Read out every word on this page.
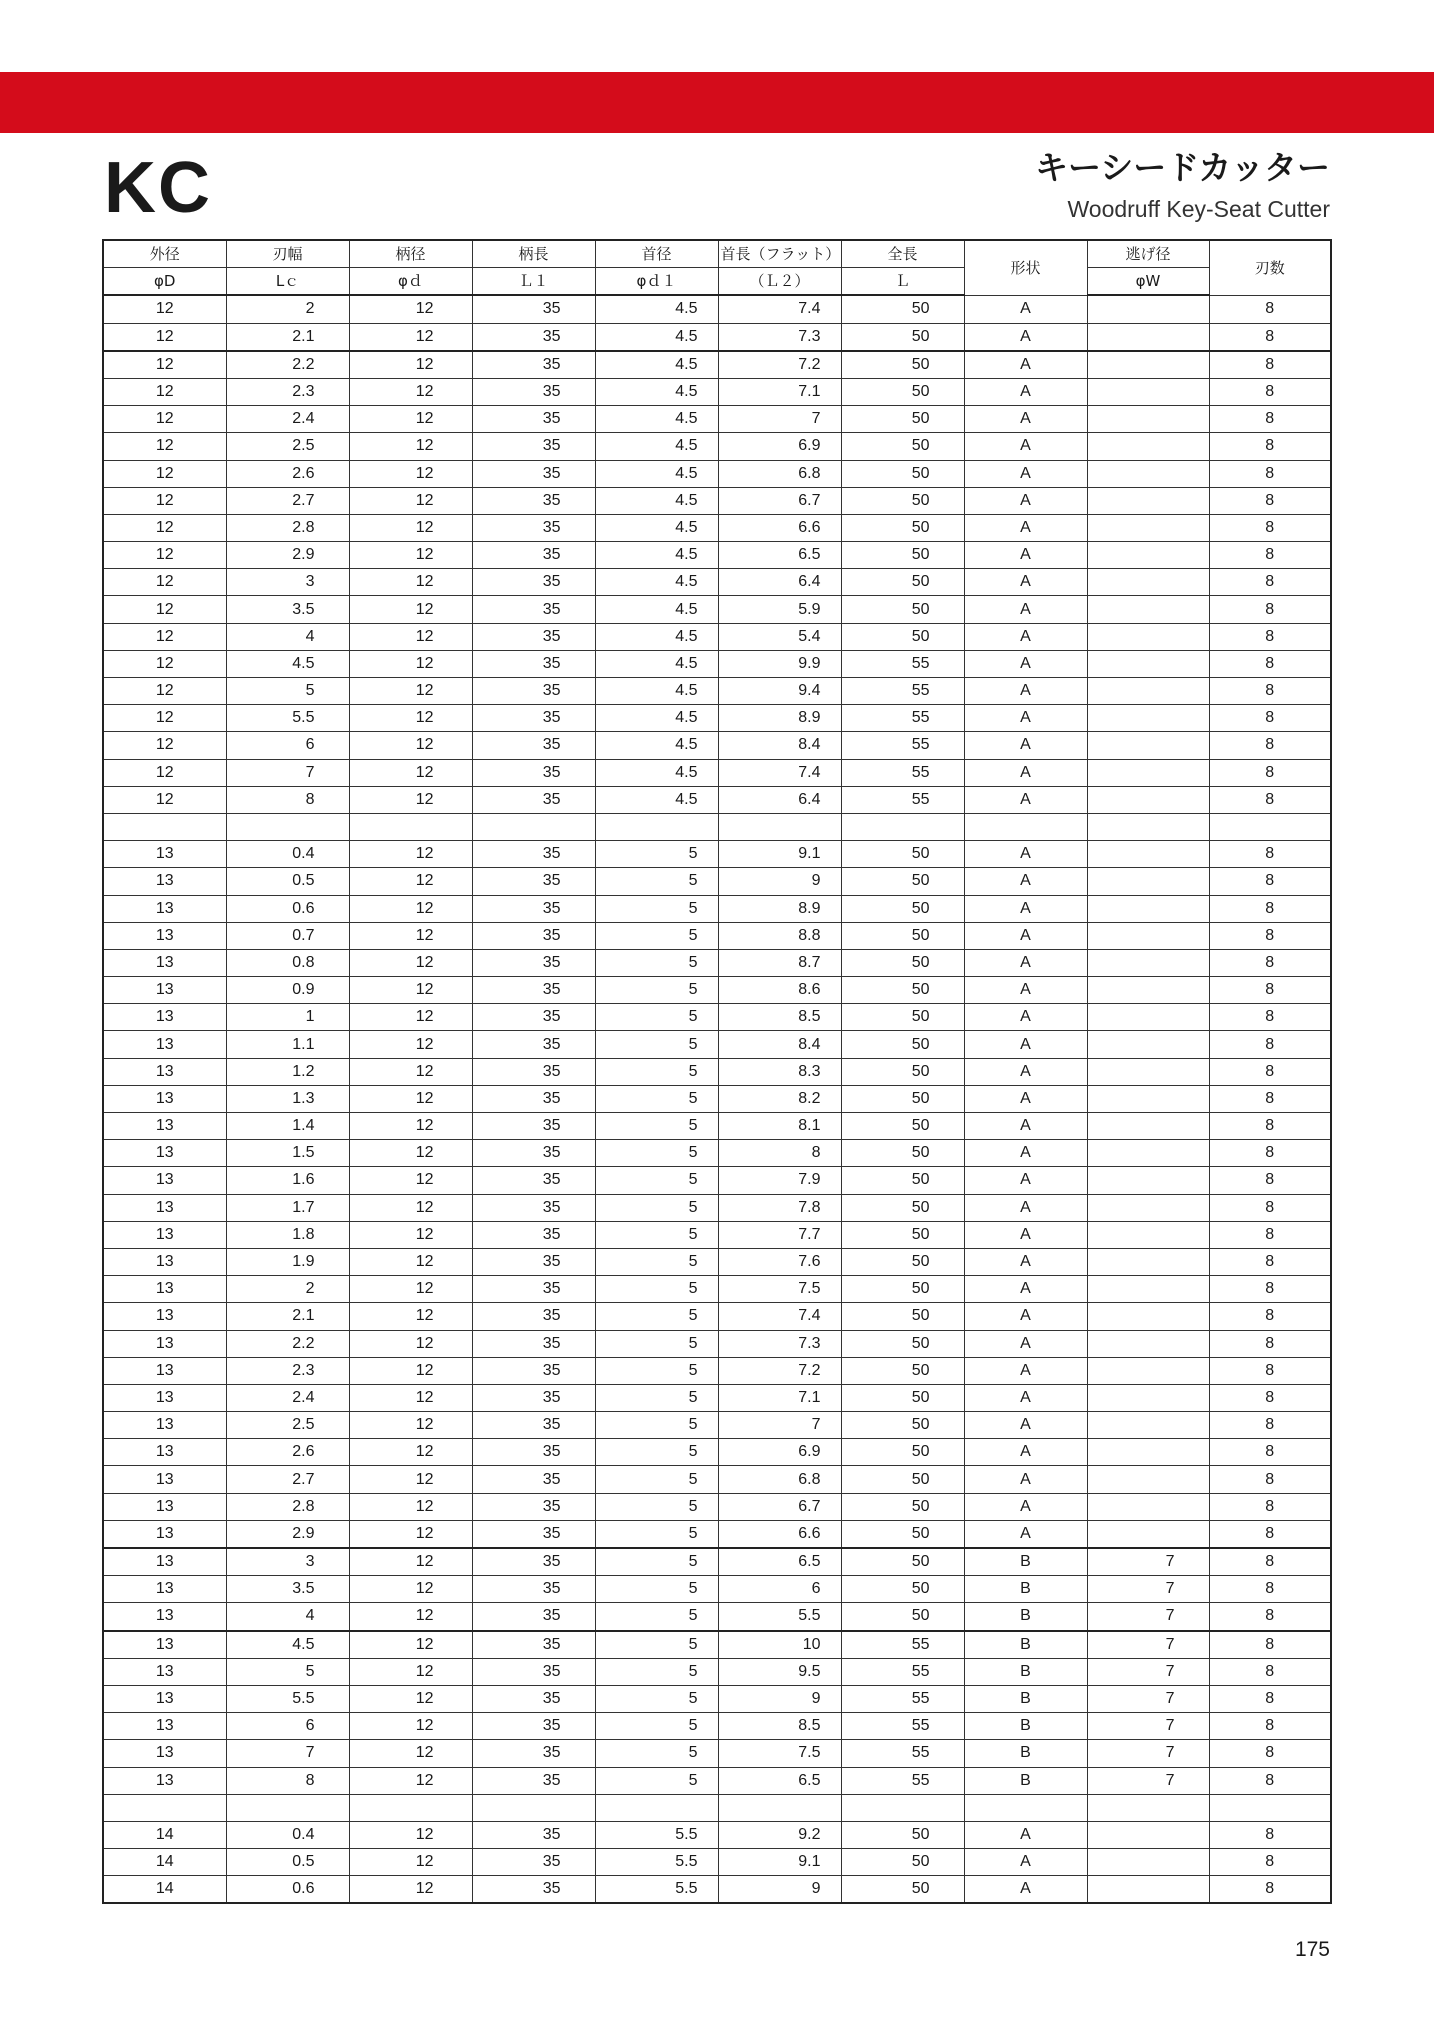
KC	キーシードカッター
Woodruff Key-Seat Cutter
外径	刃幅	柄径	柄長	首径	首長（フラット）	全長	形状	逃げ径	刃数
φD	Lｃ	φｄ	Ｌ１	φｄ１	（Ｌ２）	Ｌ		φW	
12	2	12	35	4.5	7.4	50	A		8
12	2.1	12	35	4.5	7.3	50	A		8
12	2.2	12	35	4.5	7.2	50	A		8
12	2.3	12	35	4.5	7.1	50	A		8
12	2.4	12	35	4.5	7	50	A		8
12	2.5	12	35	4.5	6.9	50	A		8
12	2.6	12	35	4.5	6.8	50	A		8
12	2.7	12	35	4.5	6.7	50	A		8
12	2.8	12	35	4.5	6.6	50	A		8
12	2.9	12	35	4.5	6.5	50	A		8
12	3	12	35	4.5	6.4	50	A		8
12	3.5	12	35	4.5	5.9	50	A		8
12	4	12	35	4.5	5.4	50	A		8
12	4.5	12	35	4.5	9.9	55	A		8
12	5	12	35	4.5	9.4	55	A		8
12	5.5	12	35	4.5	8.9	55	A		8
12	6	12	35	4.5	8.4	55	A		8
12	7	12	35	4.5	7.4	55	A		8
12	8	12	35	4.5	6.4	55	A		8

13	0.4	12	35	5	9.1	50	A		8
13	0.5	12	35	5	9	50	A		8
13	0.6	12	35	5	8.9	50	A		8
13	0.7	12	35	5	8.8	50	A		8
13	0.8	12	35	5	8.7	50	A		8
13	0.9	12	35	5	8.6	50	A		8
13	1	12	35	5	8.5	50	A		8
13	1.1	12	35	5	8.4	50	A		8
13	1.2	12	35	5	8.3	50	A		8
13	1.3	12	35	5	8.2	50	A		8
13	1.4	12	35	5	8.1	50	A		8
13	1.5	12	35	5	8	50	A		8
13	1.6	12	35	5	7.9	50	A		8
13	1.7	12	35	5	7.8	50	A		8
13	1.8	12	35	5	7.7	50	A		8
13	1.9	12	35	5	7.6	50	A		8
13	2	12	35	5	7.5	50	A		8
13	2.1	12	35	5	7.4	50	A		8
13	2.2	12	35	5	7.3	50	A		8
13	2.3	12	35	5	7.2	50	A		8
13	2.4	12	35	5	7.1	50	A		8
13	2.5	12	35	5	7	50	A		8
13	2.6	12	35	5	6.9	50	A		8
13	2.7	12	35	5	6.8	50	A		8
13	2.8	12	35	5	6.7	50	A		8
13	2.9	12	35	5	6.6	50	A		8
13	3	12	35	5	6.5	50	B	7	8
13	3.5	12	35	5	6	50	B	7	8
13	4	12	35	5	5.5	50	B	7	8
13	4.5	12	35	5	10	55	B	7	8
13	5	12	35	5	9.5	55	B	7	8
13	5.5	12	35	5	9	55	B	7	8
13	6	12	35	5	8.5	55	B	7	8
13	7	12	35	5	7.5	55	B	7	8
13	8	12	35	5	6.5	55	B	7	8

14	0.4	12	35	5.5	9.2	50	A		8
14	0.5	12	35	5.5	9.1	50	A		8
14	0.6	12	35	5.5	9	50	A		8
175
